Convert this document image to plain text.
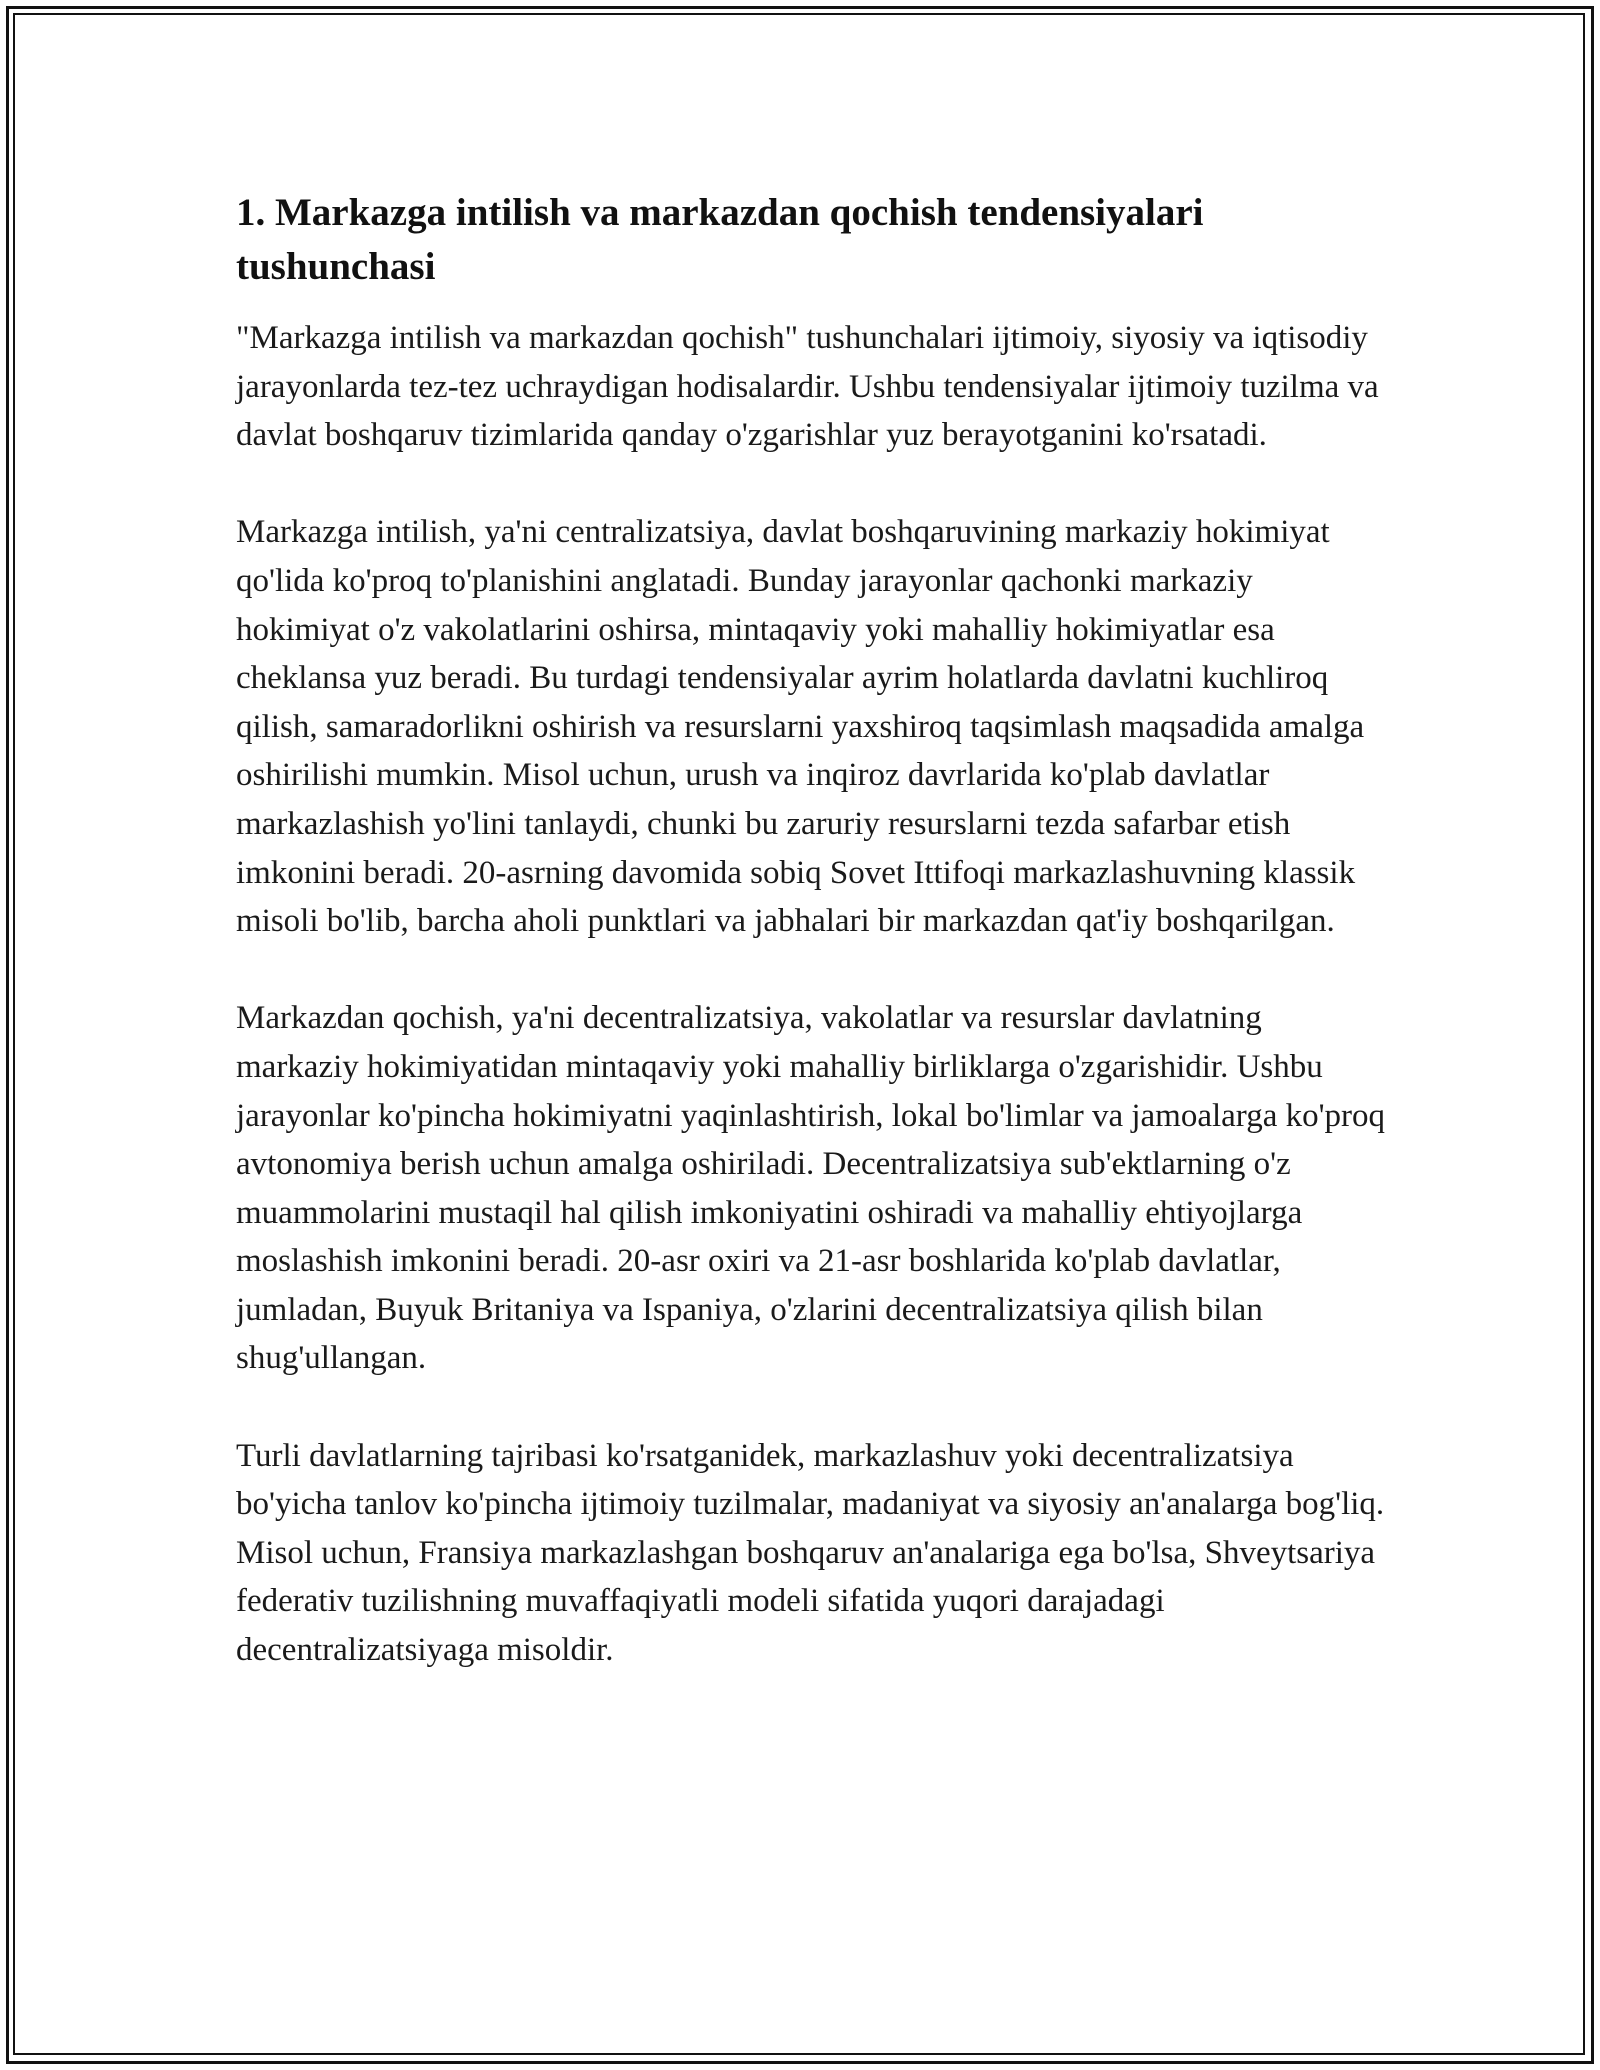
1. Markazga intilish va markazdan qochish tendensiyalari tushunchasi

"Markazga intilish va markazdan qochish" tushunchalari ijtimoiy, siyosiy va iqtisodiy jarayonlarda tez-tez uchraydigan hodisalardir. Ushbu tendensiyalar ijtimoiy tuzilma va davlat boshqaruv tizimlarida qanday o'zgarishlar yuz berayotganini ko'rsatadi.

Markazga intilish, ya'ni centralizatsiya, davlat boshqaruvining markaziy hokimiyat qo'lida ko'proq to'planishini anglatadi. Bunday jarayonlar qachonki markaziy hokimiyat o'z vakolatlarini oshirsa, mintaqaviy yoki mahalliy hokimiyatlar esa cheklansa yuz beradi. Bu turdagi tendensiyalar ayrim holatlarda davlatni kuchliroq qilish, samaradorlikni oshirish va resurslarni yaxshiroq taqsimlash maqsadida amalga oshirilishi mumkin. Misol uchun, urush va inqiroz davrlarida ko'plab davlatlar markazlashish yo'lini tanlaydi, chunki bu zaruriy resurslarni tezda safarbar etish imkonini beradi. 20-asrning davomida sobiq Sovet Ittifoqi markazlashuvning klassik misoli bo'lib, barcha aholi punktlari va jabhalari bir markazdan qat'iy boshqarilgan.

Markazdan qochish, ya'ni decentralizatsiya, vakolatlar va resurslar davlatning markaziy hokimiyatidan mintaqaviy yoki mahalliy birliklarga o'zgarishidir. Ushbu jarayonlar ko'pincha hokimiyatni yaqinlashtirish, lokal bo'limlar va jamoalarga ko'proq avtonomiya berish uchun amalga oshiriladi. Decentralizatsiya sub'ektlarning o'z muammolarini mustaqil hal qilish imkoniyatini oshiradi va mahalliy ehtiyojlarga moslashish imkonini beradi. 20-asr oxiri va 21-asr boshlarida ko'plab davlatlar, jumladan, Buyuk Britaniya va Ispaniya, o'zlarini decentralizatsiya qilish bilan shug'ullangan.

Turli davlatlarning tajribasi ko'rsatganidek, markazlashuv yoki decentralizatsiya bo'yicha tanlov ko'pincha ijtimoiy tuzilmalar, madaniyat va siyosiy an'analarga bog'liq. Misol uchun, Fransiya markazlashgan boshqaruv an'analariga ega bo'lsa, Shveytsariya federativ tuzilishning muvaffaqiyatli modeli sifatida yuqori darajadagi decentralizatsiyaga misoldir.
